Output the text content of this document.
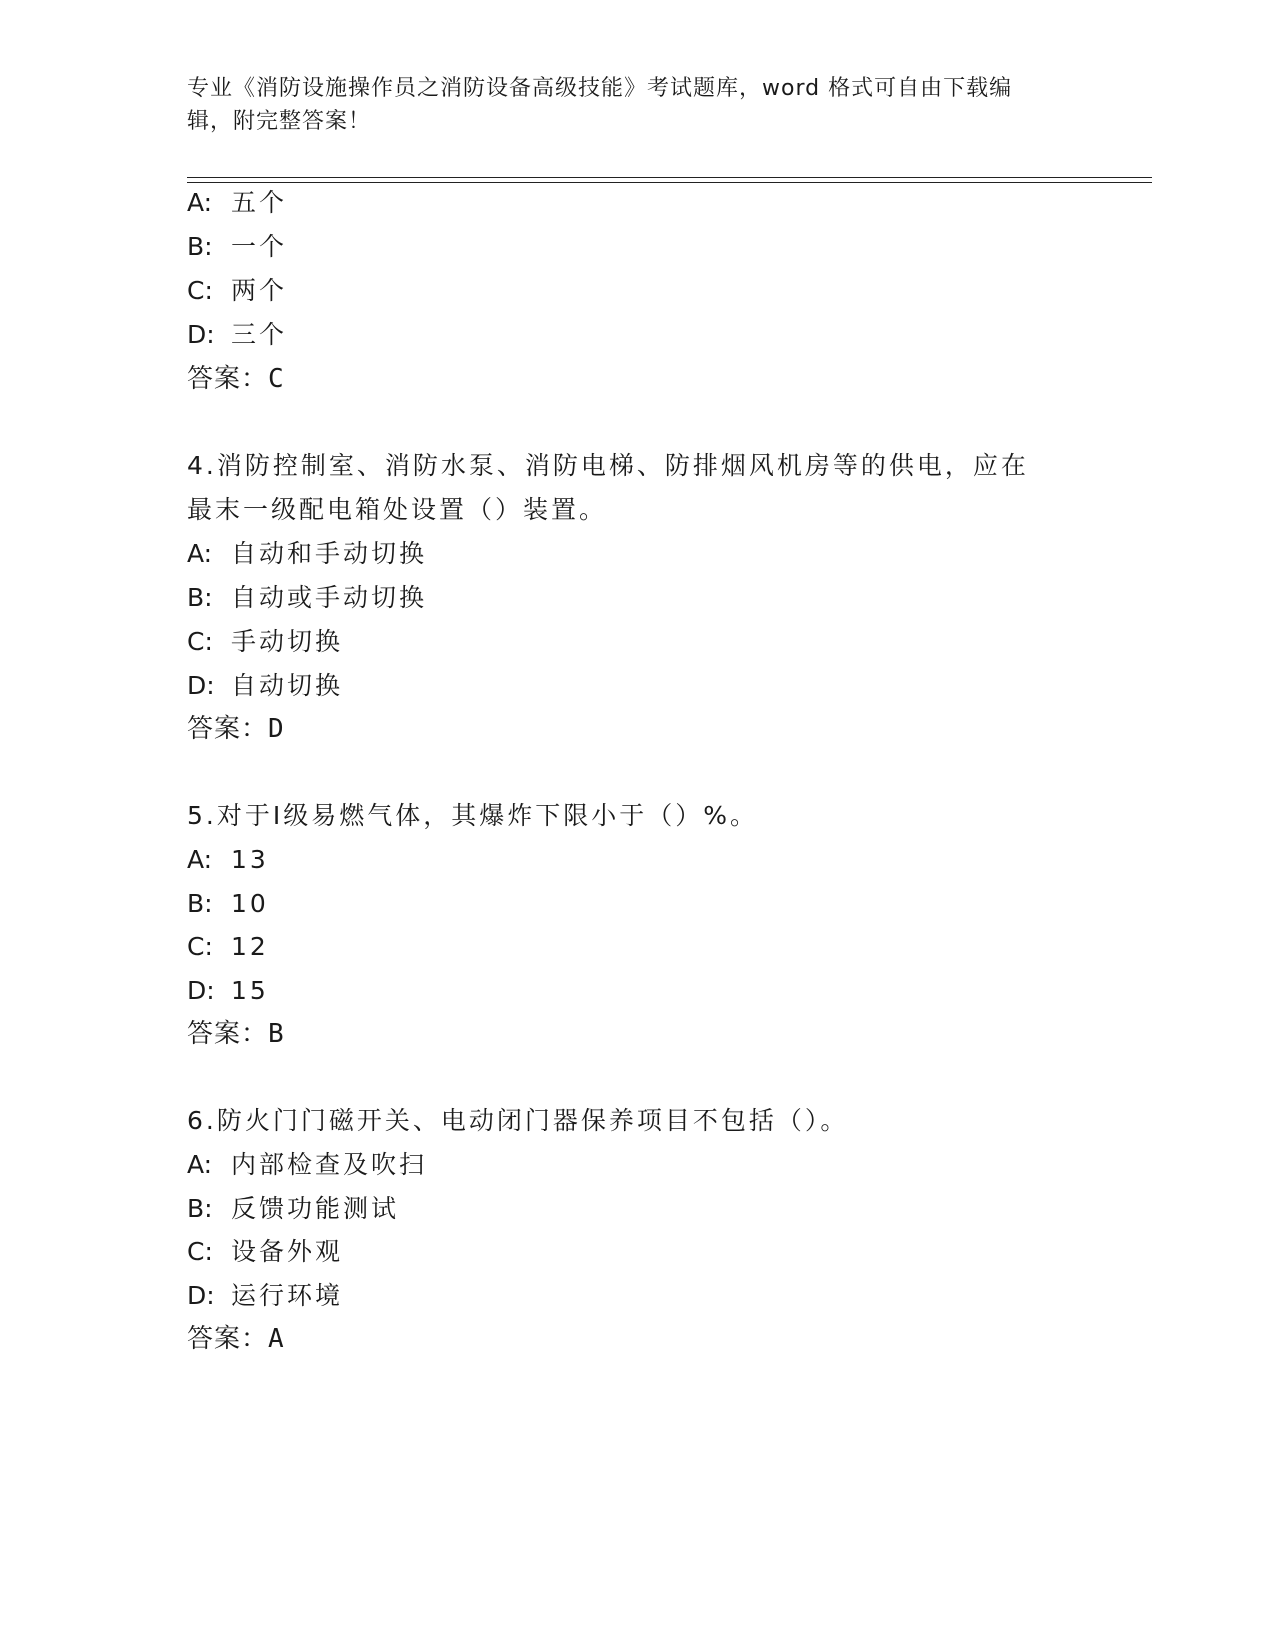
专业《消防设施操作员之消防设备高级技能》考试题库，word 格式可自由下载编
辑，附完整答案！
A: 五个
B: 一个
C: 两个
D: 三个
答案：C
4.消防控制室、消防水泵、消防电梯、防排烟风机房等的供电，应在
最末一级配电箱处设置（）装置。
A: 自动和手动切换
B: 自动或手动切换
C: 手动切换
D: 自动切换
答案：D
5.对于Ⅰ级易燃气体，其爆炸下限小于（）%。
A: 13
B: 10
C: 12
D: 15
答案：B
6.防火门门磁开关、电动闭门器保养项目不包括（）。
A: 内部检查及吹扫
B: 反馈功能测试
C: 设备外观
D: 运行环境
答案：A
